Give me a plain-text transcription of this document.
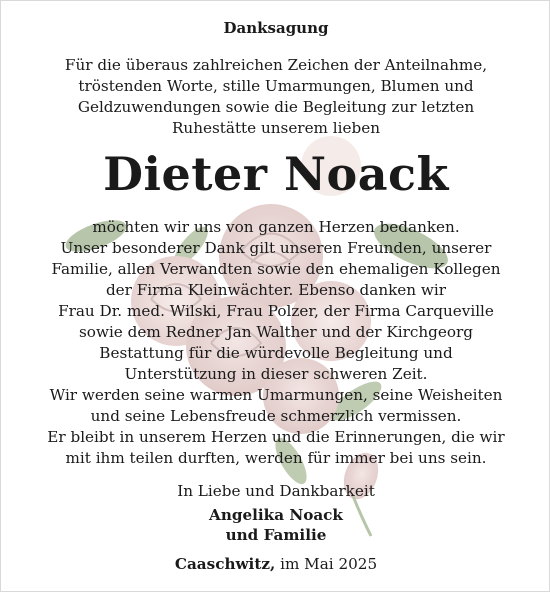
Danksagung
Für die überaus zahlreichen Zeichen der Anteilnahme,
tröstenden Worte, stille Umarmungen, Blumen und
Geldzuwendungen sowie die Begleitung zur letzten
Ruhestätte unserem lieben
Dieter Noack
möchten wir uns von ganzen Herzen bedanken.
Unser besonderer Dank gilt unseren Freunden, unserer
Familie, allen Verwandten sowie den ehemaligen Kollegen
der Firma Kleinwächter. Ebenso danken wir
Frau Dr. med. Wilski, Frau Polzer, der Firma Carqueville
sowie dem Redner Jan Walther und der Kirchgeorg
Bestattung für die würdevolle Begleitung und
Unterstützung in dieser schweren Zeit.
Wir werden seine warmen Umarmungen, seine Weisheiten
und seine Lebensfreude schmerzlich vermissen.
Er bleibt in unserem Herzen und die Erinnerungen, die wir
mit ihm teilen durften, werden für immer bei uns sein.
In Liebe und Dankbarkeit
Angelika Noack
und Familie
Caaschwitz, im Mai 2025
